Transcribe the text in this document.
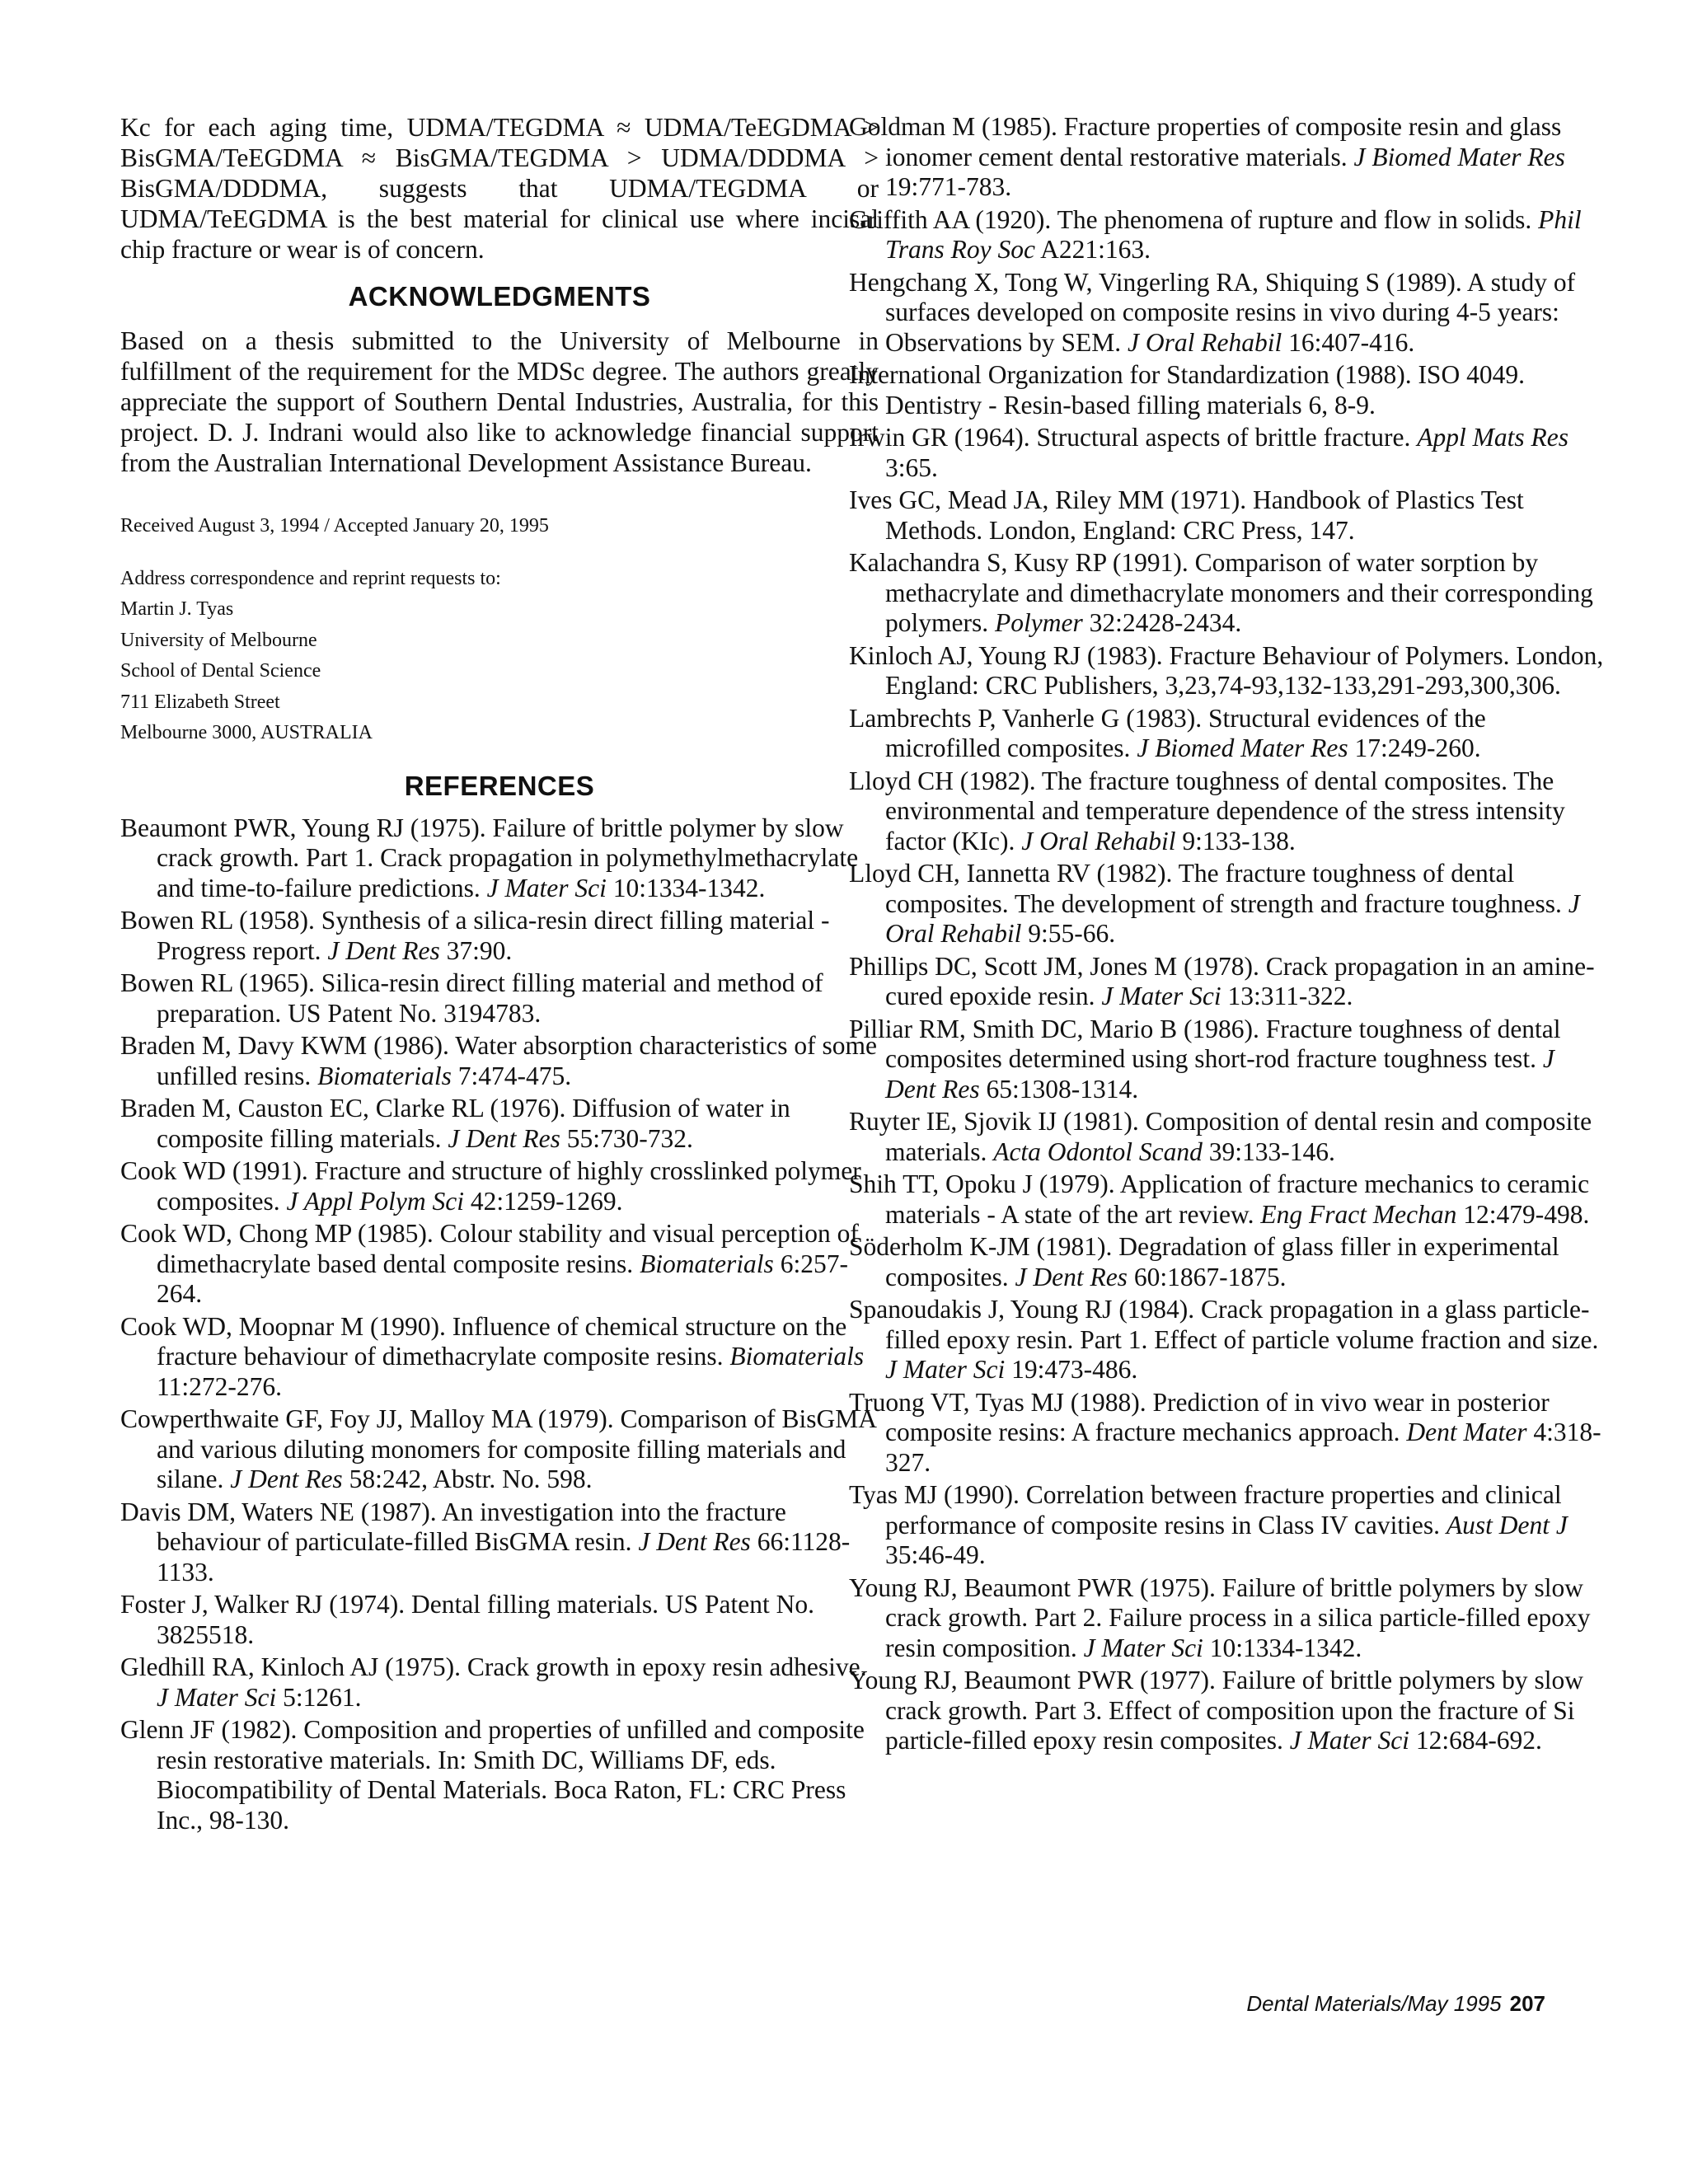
Kc for each aging time, UDMA/TEGDMA ≈ UDMA/TeEGDMA > BisGMA/TeEGDMA ≈ BisGMA/TEGDMA > UDMA/DDDMA > BisGMA/DDDMA, suggests that UDMA/TEGDMA or UDMA/TeEGDMA is the best material for clinical use where incisal chip fracture or wear is of concern.

ACKNOWLEDGMENTS

Based on a thesis submitted to the University of Melbourne in fulfillment of the requirement for the MDSc degree. The authors greatly appreciate the support of Southern Dental Industries, Australia, for this project. D. J. Indrani would also like to acknowledge financial support from the Australian International Development Assistance Bureau.

Received August 3, 1994 / Accepted January 20, 1995

Address correspondence and reprint requests to:

Martin J. Tyas

University of Melbourne

School of Dental Science

711 Elizabeth Street

Melbourne 3000, AUSTRALIA

REFERENCES

Beaumont PWR, Young RJ (1975). Failure of brittle polymer by slow crack growth. Part 1. Crack propagation in polymethylmethacrylate and time-to-failure predictions. J Mater Sci 10:1334-1342.

Bowen RL (1958). Synthesis of a silica-resin direct filling material - Progress report. J Dent Res 37:90.

Bowen RL (1965). Silica-resin direct filling material and method of preparation. US Patent No. 3194783.

Braden M, Davy KWM (1986). Water absorption characteristics of some unfilled resins. Biomaterials 7:474-475.

Braden M, Causton EC, Clarke RL (1976). Diffusion of water in composite filling materials. J Dent Res 55:730-732.

Cook WD (1991). Fracture and structure of highly crosslinked polymer composites. J Appl Polym Sci 42:1259-1269.

Cook WD, Chong MP (1985). Colour stability and visual perception of dimethacrylate based dental composite resins. Biomaterials 6:257-264.

Cook WD, Moopnar M (1990). Influence of chemical structure on the fracture behaviour of dimethacrylate composite resins. Biomaterials 11:272-276.

Cowperthwaite GF, Foy JJ, Malloy MA (1979). Comparison of BisGMA and various diluting monomers for composite filling materials and silane. J Dent Res 58:242, Abstr. No. 598.

Davis DM, Waters NE (1987). An investigation into the fracture behaviour of particulate-filled BisGMA resin. J Dent Res 66:1128-1133.

Foster J, Walker RJ (1974). Dental filling materials. US Patent No. 3825518.

Gledhill RA, Kinloch AJ (1975). Crack growth in epoxy resin adhesive. J Mater Sci 5:1261.

Glenn JF (1982). Composition and properties of unfilled and composite resin restorative materials. In: Smith DC, Williams DF, eds. Biocompatibility of Dental Materials. Boca Raton, FL: CRC Press Inc., 98-130.

Goldman M (1985). Fracture properties of composite resin and glass ionomer cement dental restorative materials. J Biomed Mater Res 19:771-783.

Griffith AA (1920). The phenomena of rupture and flow in solids. Phil Trans Roy Soc A221:163.

Hengchang X, Tong W, Vingerling RA, Shiquing S (1989). A study of surfaces developed on composite resins in vivo during 4-5 years: Observations by SEM. J Oral Rehabil 16:407-416.

International Organization for Standardization (1988). ISO 4049. Dentistry - Resin-based filling materials 6, 8-9.

Irwin GR (1964). Structural aspects of brittle fracture. Appl Mats Res 3:65.

Ives GC, Mead JA, Riley MM (1971). Handbook of Plastics Test Methods. London, England: CRC Press, 147.

Kalachandra S, Kusy RP (1991). Comparison of water sorption by methacrylate and dimethacrylate monomers and their corresponding polymers. Polymer 32:2428-2434.

Kinloch AJ, Young RJ (1983). Fracture Behaviour of Polymers. London, England: CRC Publishers, 3,23,74-93,132-133,291-293,300,306.

Lambrechts P, Vanherle G (1983). Structural evidences of the microfilled composites. J Biomed Mater Res 17:249-260.

Lloyd CH (1982). The fracture toughness of dental composites. The environmental and temperature dependence of the stress intensity factor (KIc). J Oral Rehabil 9:133-138.

Lloyd CH, Iannetta RV (1982). The fracture toughness of dental composites. The development of strength and fracture toughness. J Oral Rehabil 9:55-66.

Phillips DC, Scott JM, Jones M (1978). Crack propagation in an amine-cured epoxide resin. J Mater Sci 13:311-322.

Pilliar RM, Smith DC, Mario B (1986). Fracture toughness of dental composites determined using short-rod fracture toughness test. J Dent Res 65:1308-1314.

Ruyter IE, Sjovik IJ (1981). Composition of dental resin and composite materials. Acta Odontol Scand 39:133-146.

Shih TT, Opoku J (1979). Application of fracture mechanics to ceramic materials - A state of the art review. Eng Fract Mechan 12:479-498.

Söderholm K-JM (1981). Degradation of glass filler in experimental composites. J Dent Res 60:1867-1875.

Spanoudakis J, Young RJ (1984). Crack propagation in a glass particle-filled epoxy resin. Part 1. Effect of particle volume fraction and size. J Mater Sci 19:473-486.

Truong VT, Tyas MJ (1988). Prediction of in vivo wear in posterior composite resins: A fracture mechanics approach. Dent Mater 4:318-327.

Tyas MJ (1990). Correlation between fracture properties and clinical performance of composite resins in Class IV cavities. Aust Dent J 35:46-49.

Young RJ, Beaumont PWR (1975). Failure of brittle polymers by slow crack growth. Part 2. Failure process in a silica particle-filled epoxy resin composition. J Mater Sci 10:1334-1342.

Young RJ, Beaumont PWR (1977). Failure of brittle polymers by slow crack growth. Part 3. Effect of composition upon the fracture of Si particle-filled epoxy resin composites. J Mater Sci 12:684-692.

Dental Materials/May 1995 207
